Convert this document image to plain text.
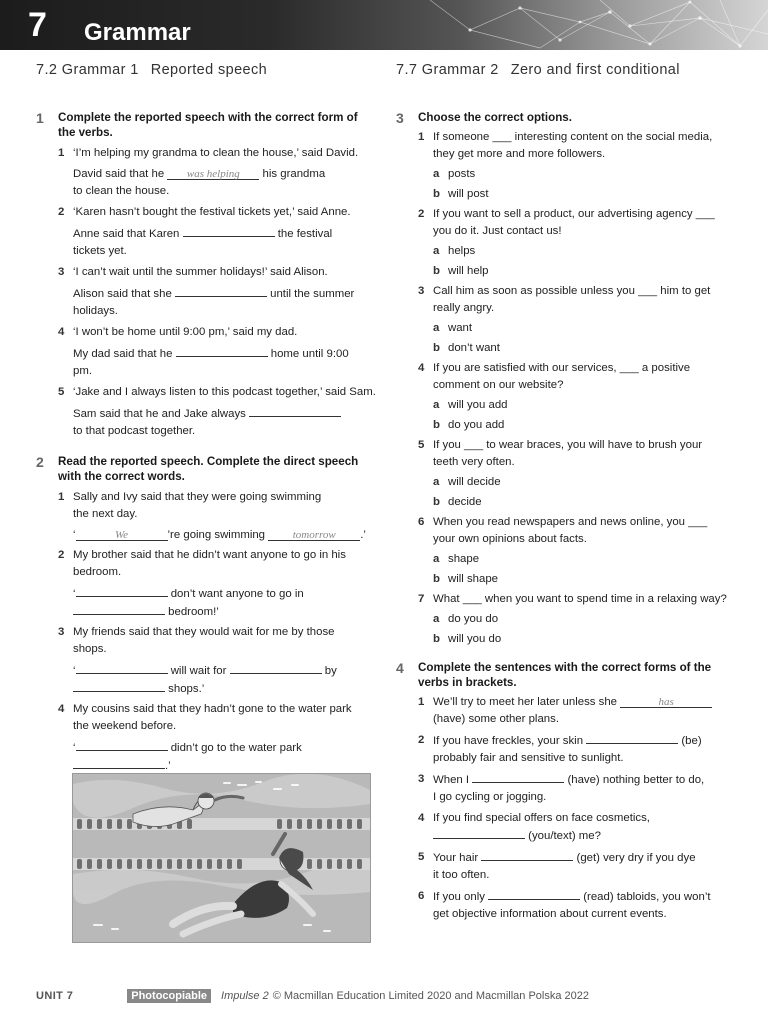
7 Grammar
7.2 Grammar 1 Reported speech	7.7 Grammar 2 Zero and first conditional
1 Complete the reported speech with the correct form of the verbs.
1 ‘I’m helping my grandma to clean the house,’ said David.
David said that he was helping his grandma
to clean the house.
2 ‘Karen hasn’t bought the festival tickets yet,’ said Anne.
Anne said that Karen	the festival
tickets yet.
3 ‘I can’t wait until the summer holidays!’ said Alison.
Alison said that she	until the summer
holidays.
4 ‘I won’t be home until 9:00 pm,’ said my dad.
My dad said that he	home until 9:00
pm.
5 ‘Jake and I always listen to this podcast together,’ said Sam.
Sam said that he and Jake always
to that podcast together.
2 Read the reported speech. Complete the direct speech with the correct words.
1 Sally and Ivy said that they were going swimming
the next day.
‘	We	’re going swimming	tomorrow .’
2 My brother said that he didn’t want anyone to go in his
bedroom.
‘	don’t want anyone to go in
bedroom!’
3 My friends said that they would wait for me by those
shops.
‘	will wait for	by
shops.’
4 My cousins said that they hadn’t gone to the water park
the weekend before.
‘	didn’t go to the water park
.’
3 Choose the correct options.
1 If someone ___ interesting content on the social media,
they get more and more followers.
a posts
b will post
2 If you want to sell a product, our advertising agency ___
you do it. Just contact us!
a helps
b will help
3 Call him as soon as possible unless you ___ him to get
really angry.
a want
b don’t want
4 If you are satisfied with our services, ___ a positive
comment on our website?
a will you add
b do you add
5 If you ___ to wear braces, you will have to brush your
teeth very often.
a will decide
b decide
6 When you read newspapers and news online, you ___
your own opinions about facts.
a shape
b will shape
7 What ___ when you want to spend time in a relaxing way?
a do you do
b will you do
4 Complete the sentences with the correct forms of the verbs in brackets.
1 We’ll try to meet her later unless she	has
(have) some other plans.
2 If you have freckles, your skin	(be)
probably fair and sensitive to sunlight.
3 When I	(have) nothing better to do,
I go cycling or jogging.
4 If you find special offers on face cosmetics,
(you/text) me?
5 Your hair	(get) very dry if you dye
it too often.
6 If you only	(read) tabloids, you won’t
get objective information about current events.
UNIT 7	Photocopiable	Impulse 2 © Macmillan Education Limited 2020 and Macmillan Polska 2022
